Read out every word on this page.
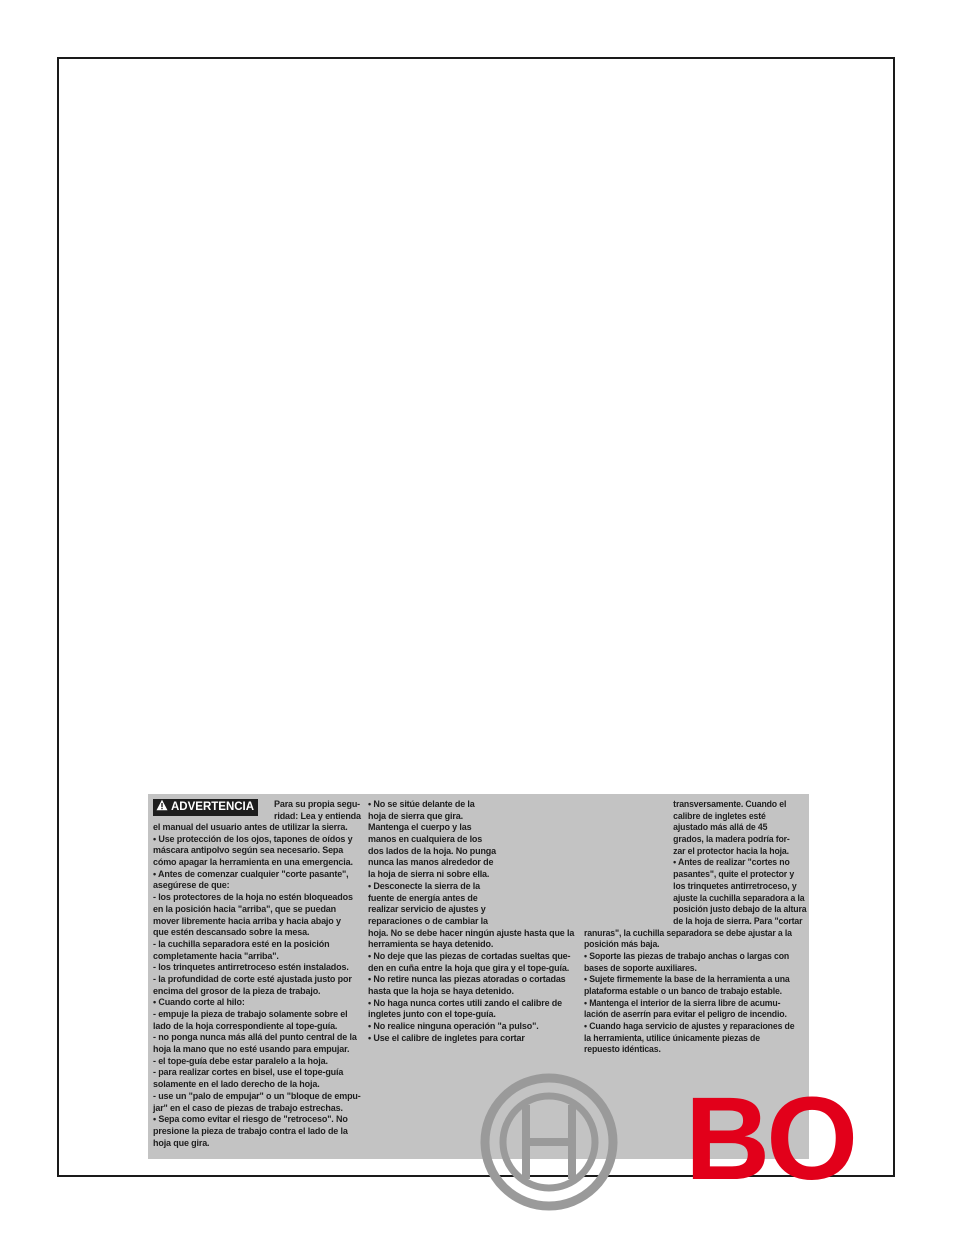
ADVERTENCIA Para su propia segu-
ridad: Lea y entienda
el manual del usuario antes de utilizar la sierra.
• Use protección de los ojos, tapones de oídos y
máscara antipolvo según sea necesario. Sepa
cómo apagar la herramienta en una emergencia.
• Antes de comenzar cualquier "corte pasante",
asegúrese de que:
- los protectores de la hoja no estén bloqueados
en la posición hacia "arriba", que se puedan
mover libremente hacia arriba y hacia abajo y
que estén descansado sobre la mesa.
- la cuchilla separadora esté en la posición
completamente hacia "arriba".
- los trinquetes antirretroceso estén instalados.
- la profundidad de corte esté ajustada justo por
encima del grosor de la pieza de trabajo.
• Cuando corte al hilo:
- empuje la pieza de trabajo solamente sobre el
lado de la hoja correspondiente al tope-guía.
- no ponga nunca más allá del punto central de la
hoja la mano que no esté usando para empujar.
- el tope-guía debe estar paralelo a la hoja.
- para realizar cortes en bisel, use el tope-guía
solamente en el lado derecho de la hoja.
- use un "palo de empujar" o un "bloque de empu-
jar" en el caso de piezas de trabajo estrechas.
• Sepa como evitar el riesgo de "retroceso". No
presione la pieza de trabajo contra el lado de la
hoja que gira.
• No se sitúe delante de la
hoja de sierra que gira.
Mantenga el cuerpo y las
manos en cualquiera de los
dos lados de la hoja. No punga
nunca las manos alrededor de
la hoja de sierra ni sobre ella.
• Desconecte la sierra de la
fuente de energía antes de
realizar servicio de ajustes y
reparaciones o de cambiar la
hoja. No se debe hacer ningún ajuste hasta que la
herramienta se haya detenido.
• No deje que las piezas de cortadas sueltas que-
den en cuña entre la hoja que gira y el tope-guía.
• No retire nunca las piezas atoradas o cortadas
hasta que la hoja se haya detenido.
• No haga nunca cortes utili zando el calibre de
ingletes junto con el tope-guía.
• No realice ninguna operación "a pulso".
• Use el calibre de ingletes para cortar
transversamente. Cuando el
calibre de ingletes esté
ajustado más allá de 45
grados, la madera podría for-
zar el protector hacia la hoja.
• Antes de realizar "cortes no
pasantes", quite el protector y
los trinquetes antirretroceso, y
ajuste la cuchilla separadora a la
posición justo debajo de la altura
de la hoja de sierra. Para "cortar
ranuras", la cuchilla separadora se debe ajustar a la
posición más baja.
• Soporte las piezas de trabajo anchas o largas con
bases de soporte auxiliares.
• Sujete firmemente la base de la herramienta a una
plataforma estable o un banco de trabajo estable.
• Mantenga el interior de la sierra libre de acumu-
lación de aserrín para evitar el peligro de incendio.
• Cuando haga servicio de ajustes y reparaciones de
la herramienta, utilice únicamente piezas de
repuesto idénticas.
BO
